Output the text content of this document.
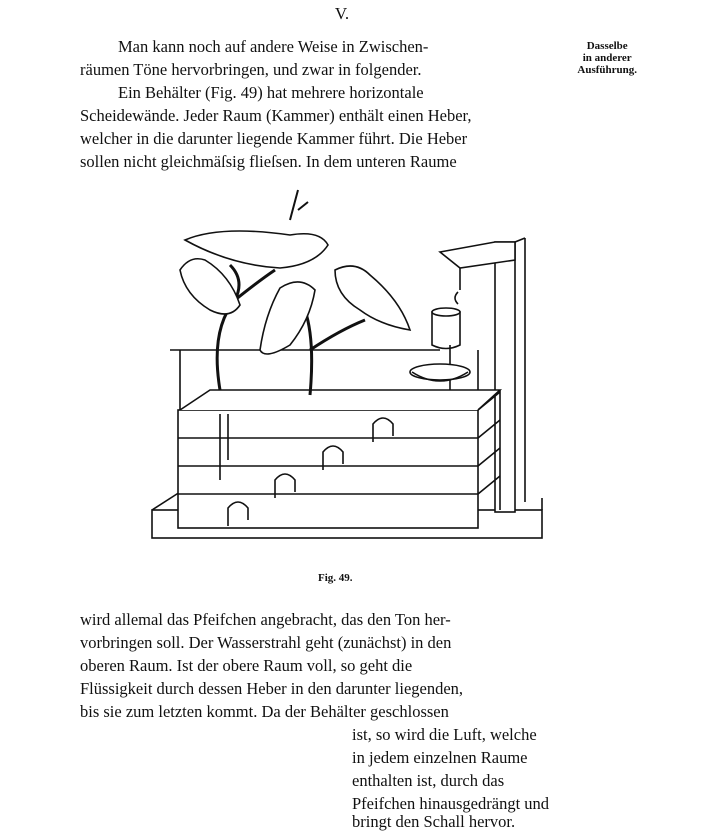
V.
Man kann noch auf andere Weise in Zwischen-
räumen Töne hervorbringen, und zwar in folgender.
Ein Behälter (Fig. 49) hat mehrere horizontale
Scheidewände. Jeder Raum (Kammer) enthält einen Heber,
welcher in die darunter liegende Kammer führt. Die Heber
sollen nicht gleichmäſsig flieſsen. In dem unteren Raume
Dasselbe
in anderer
Ausführung.
Fig. 49.
wird allemal das Pfeifchen angebracht, das den Ton her-
vorbringen soll. Der Wasserstrahl geht (zunächst) in den
oberen Raum. Ist der obere Raum voll, so geht die
Flüssigkeit durch dessen Heber in den darunter liegenden,
bis sie zum letzten kommt. Da der Behälter geschlossen
ist, so wird die Luft, welche
in jedem einzelnen Raume
enthalten ist, durch das
Pfeifchen hinausgedrängt und
bringt den Schall hervor.
